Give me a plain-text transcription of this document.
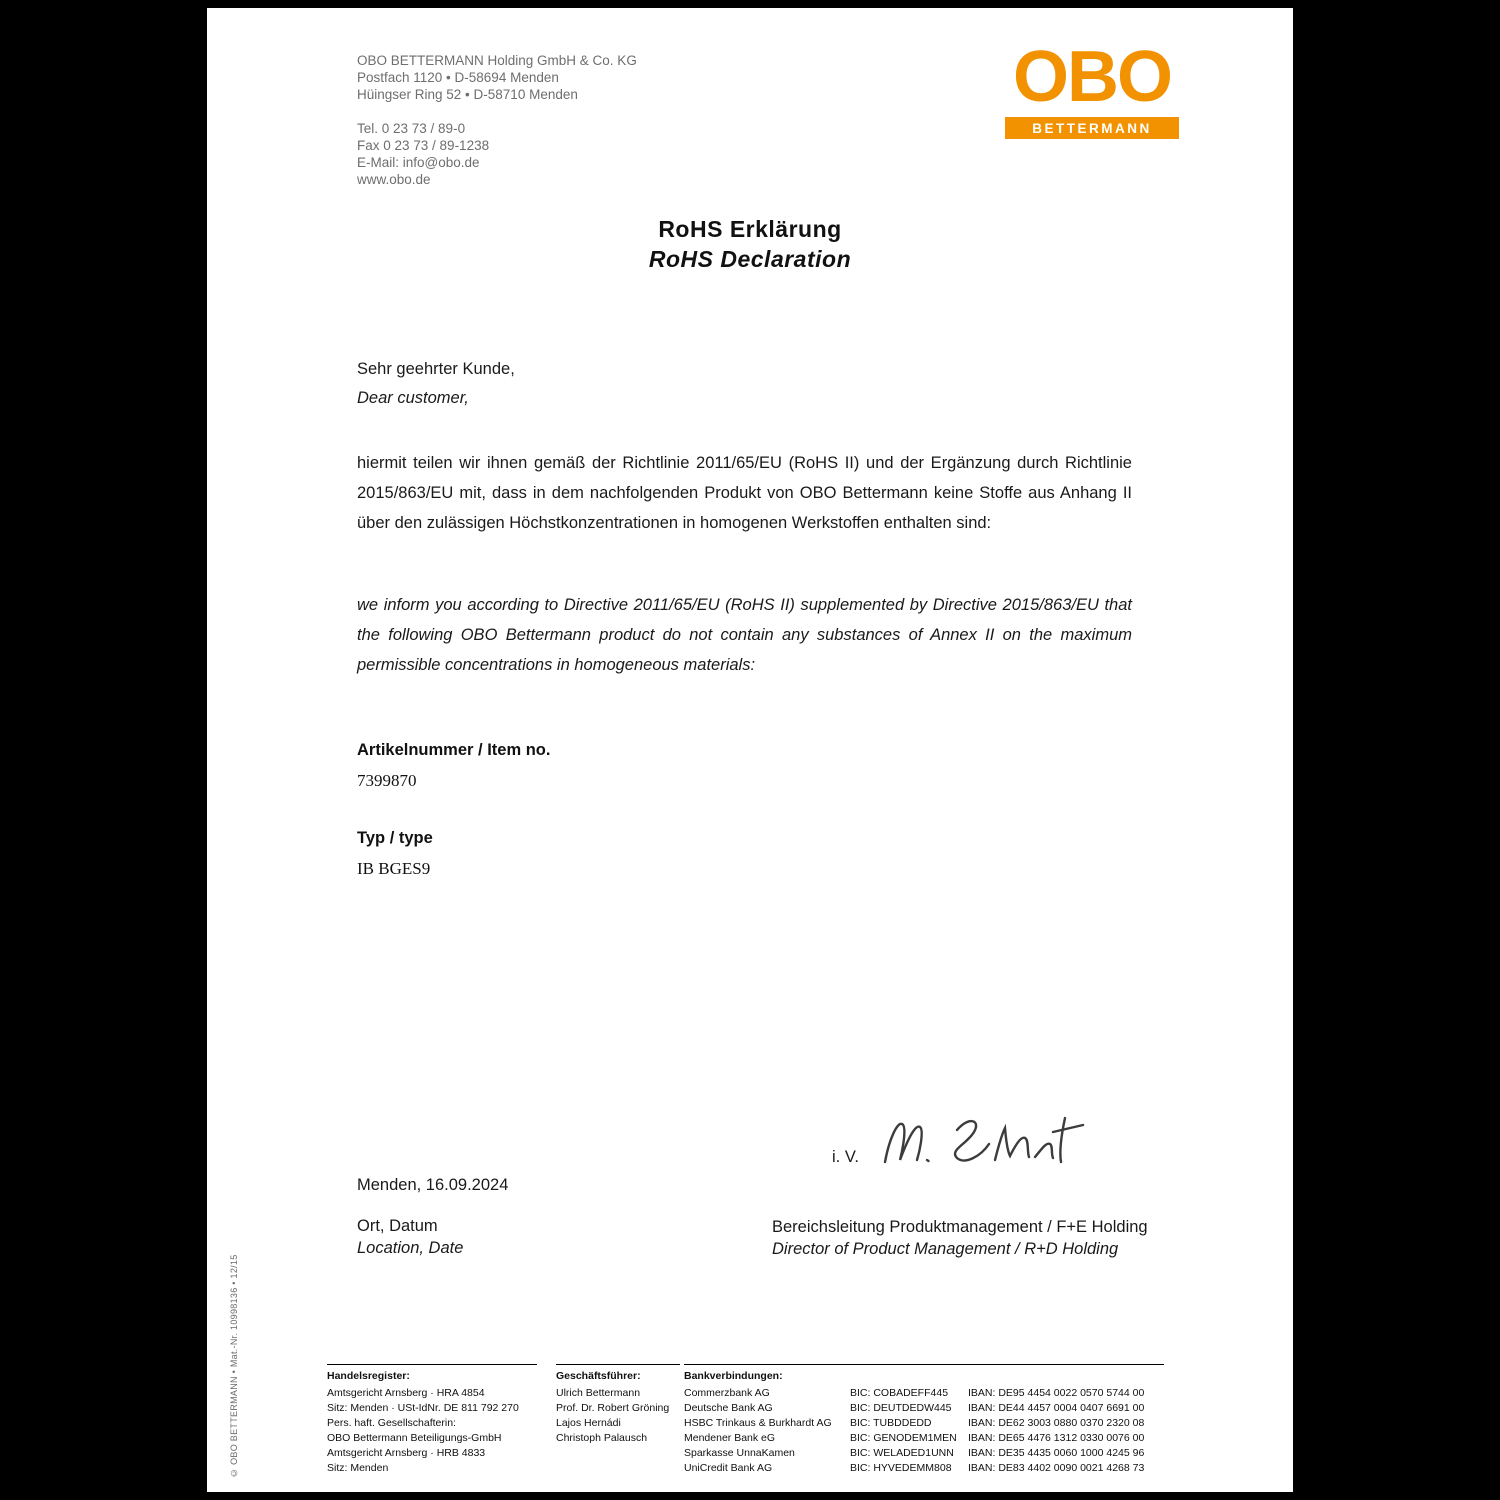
OBO BETTERMANN Holding GmbH & Co. KG
Postfach 1120 • D-58694 Menden
Hüingser Ring 52 • D-58710 Menden
Tel. 0 23 73 / 89-0
Fax 0 23 73 / 89-1238
E-Mail: info@obo.de
www.obo.de
OBO
BETTERMANN
RoHS Erklärung
RoHS Declaration
Sehr geehrter Kunde,
Dear customer,
hiermit teilen wir ihnen gemäß der Richtlinie 2011/65/EU (RoHS II) und der Ergänzung durch Richtlinie 2015/863/EU mit, dass in dem nachfolgenden Produkt von OBO Bettermann keine Stoffe aus Anhang II über den zulässigen Höchstkonzentrationen in homogenen Werkstoffen enthalten sind:
we inform you according to Directive 2011/65/EU (RoHS II) supplemented by Directive 2015/863/EU that the following OBO Bettermann product do not contain any substances of Annex II on the maximum permissible concentrations in homogeneous materials:
Artikelnummer / Item no.
7399870
Typ / type
IB BGES9
i. V.
Menden, 16.09.2024
Ort, Datum
Location, Date
Bereichsleitung Produktmanagement / F+E Holding
Director of Product Management / R+D Holding
© OBO BETTERMANN • Mat.-Nr. 10998136 • 12/15	Handelsregister:
Amtsgericht Arnsberg · HRA 4854
Sitz: Menden · USt-IdNr. DE 811 792 270
Pers. haft. Gesellschafterin:
OBO Bettermann Beteiligungs-GmbH
Amtsgericht Arnsberg · HRB 4833
Sitz: Menden
Geschäftsführer:
Ulrich Bettermann
Prof. Dr. Robert Gröning
Lajos Hernádi
Christoph Palausch
Bankverbindungen:
Commerzbank AG	BIC: COBADEFF445	IBAN: DE95 4454 0022 0570 5744 00
Deutsche Bank AG	BIC: DEUTDEDW445	IBAN: DE44 4457 0004 0407 6691 00
HSBC Trinkaus & Burkhardt AG	BIC: TUBDDEDD	IBAN: DE62 3003 0880 0370 2320 08
Mendener Bank eG	BIC: GENODEM1MEN	IBAN: DE65 4476 1312 0330 0076 00
Sparkasse UnnaKamen	BIC: WELADED1UNN	IBAN: DE35 4435 0060 1000 4245 96
UniCredit Bank AG	BIC: HYVEDEMM808	IBAN: DE83 4402 0090 0021 4268 73
